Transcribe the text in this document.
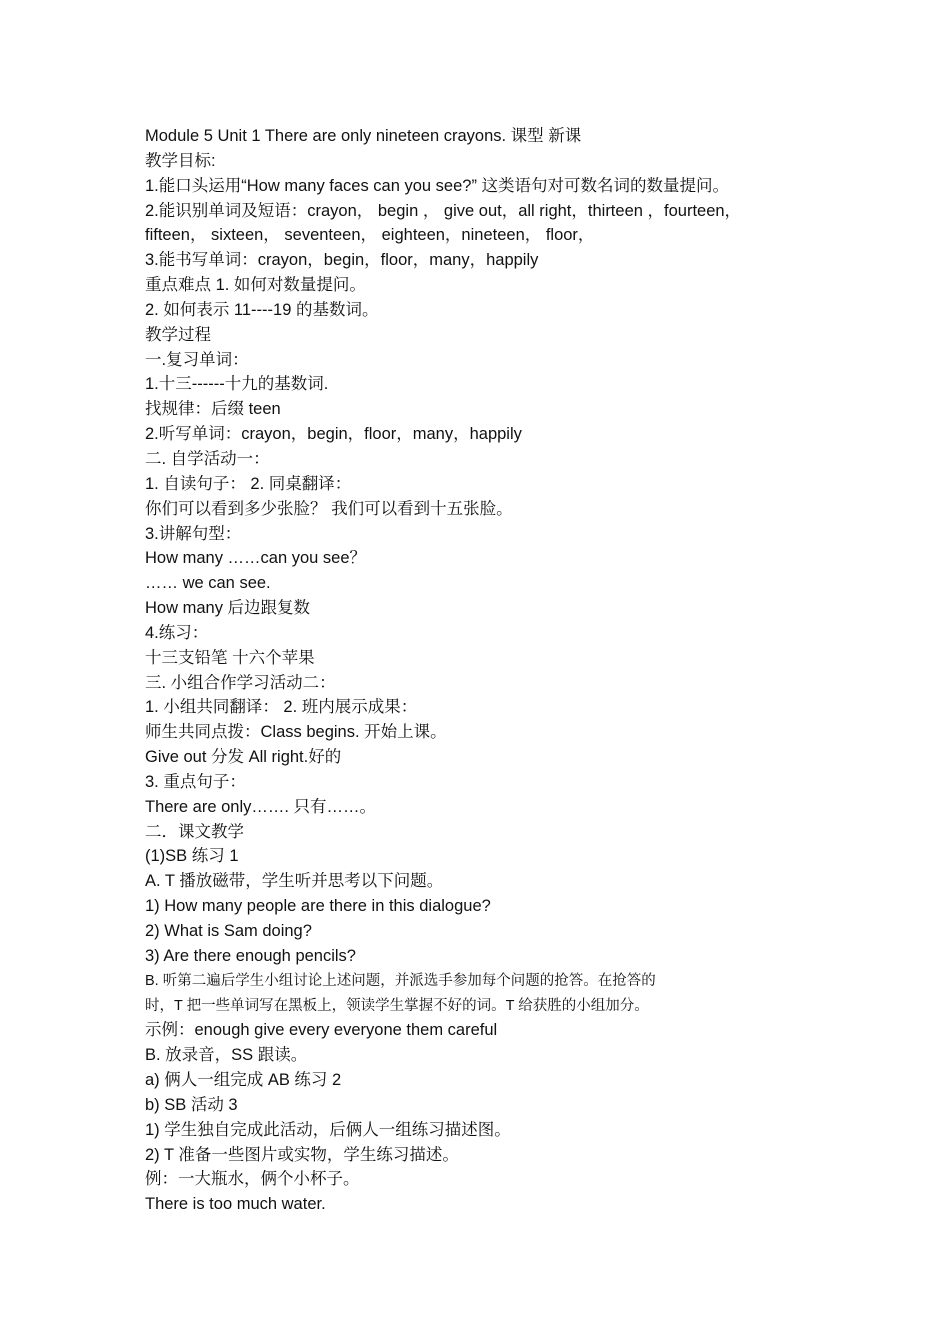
Module 5 Unit 1 There are only nineteen crayons. 课型 新课
教学目标:
1.能口头运用“How many faces can you see?” 这类语句对可数名词的数量提问。
2.能识别单词及短语：crayon， begin ， give out，all right，thirteen ，fourteen，
fifteen， sixteen， seventeen， eighteen，nineteen， floor，
3.能书写单词：crayon，begin，floor，many，happily
重点难点 1. 如何对数量提问。
2. 如何表示 11----19 的基数词。
教学过程
一.复习单词：
1.十三------十九的基数词.
找规律：后缀 teen
2.听写单词：crayon，begin，floor，many，happily
二. 自学活动一：
1. 自读句子： 2. 同桌翻译：
你们可以看到多少张脸？ 我们可以看到十五张脸。
3.讲解句型：
How many ……can you see？
…… we can see.
How many 后边跟复数
4.练习：
十三支铅笔 十六个苹果
三. 小组合作学习活动二：
1. 小组共同翻译： 2. 班内展示成果：
师生共同点拨：Class begins. 开始上课。
Give out 分发 All right.好的
3. 重点句子：
There are only……. 只有……。
二．课文教学
(1)SB 练习 1
A. T 播放磁带，学生听并思考以下问题。
1) How many people are there in this dialogue?
2) What is Sam doing?
3) Are there enough pencils?
B. 听第二遍后学生小组讨论上述问题，并派选手参加每个问题的抢答。在抢答的
时，T 把一些单词写在黑板上，领读学生掌握不好的词。T 给获胜的小组加分。
示例：enough give every everyone them careful
B. 放录音，SS 跟读。
a) 俩人一组完成 AB 练习 2
b) SB 活动 3
1) 学生独自完成此活动，后俩人一组练习描述图。
2) T 准备一些图片或实物，学生练习描述。
例：一大瓶水，俩个小杯子。
There is too much water.
